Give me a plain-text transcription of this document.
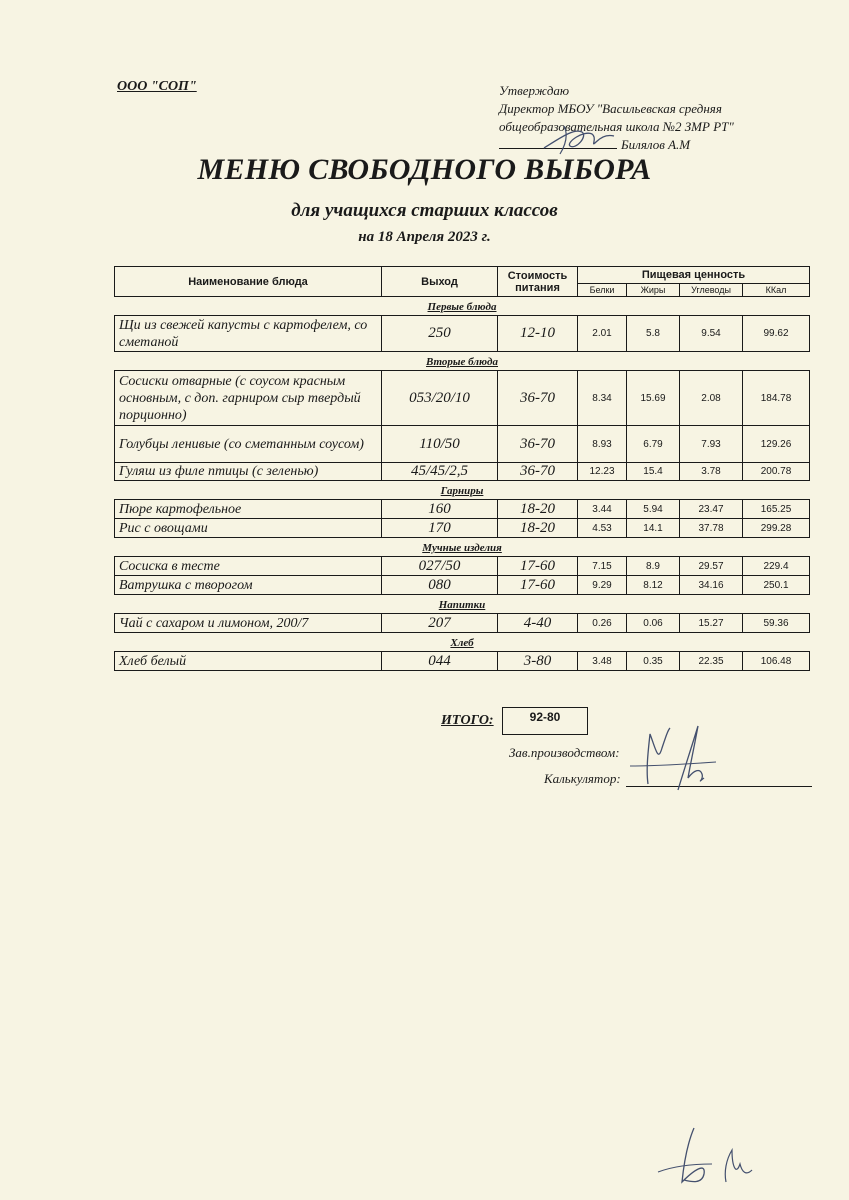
ООО "СОП"	Утверждаю
Директор МБОУ "Васильевская средняя
общеобразовательная школа №2 ЗМР РТ"
Билялов А.М
МЕНЮ СВОБОДНОГО ВЫБОРА
для учащихся старших классов
на 18 Апреля 2023 г.
Наименование блюда	Выход	Стоимость питания	Пищевая ценность			
			Белки	Жиры	Углеводы	ККал
Первые блюда						
Щи из свежей капусты с картофелем, со сметаной	250	12-10	2.01	5.8	9.54	99.62
Вторые блюда						
Сосиски отварные (с соусом красным основным, с доп. гарниром сыр твердый порционно)	053/20/10	36-70	8.34	15.69	2.08	184.78
Голубцы ленивые (со сметанным соусом)	110/50	36-70	8.93	6.79	7.93	129.26
Гуляш из филе птицы (с зеленью)	45/45/2,5	36-70	12.23	15.4	3.78	200.78
Гарниры						
Пюре картофельное	160	18-20	3.44	5.94	23.47	165.25
Рис с овощами	170	18-20	4.53	14.1	37.78	299.28
Мучные изделия						
Сосиска в тесте	027/50	17-60	7.15	8.9	29.57	229.4
Ватрушка с творогом	080	17-60	9.29	8.12	34.16	250.1
Напитки						
Чай с сахаром и лимоном, 200/7	207	4-40	0.26	0.06	15.27	59.36
Хлеб						
Хлеб белый	044	3-80	3.48	0.35	22.35	106.48
ИТОГО:	92-80
Зав.производством:
Калькулятор:
